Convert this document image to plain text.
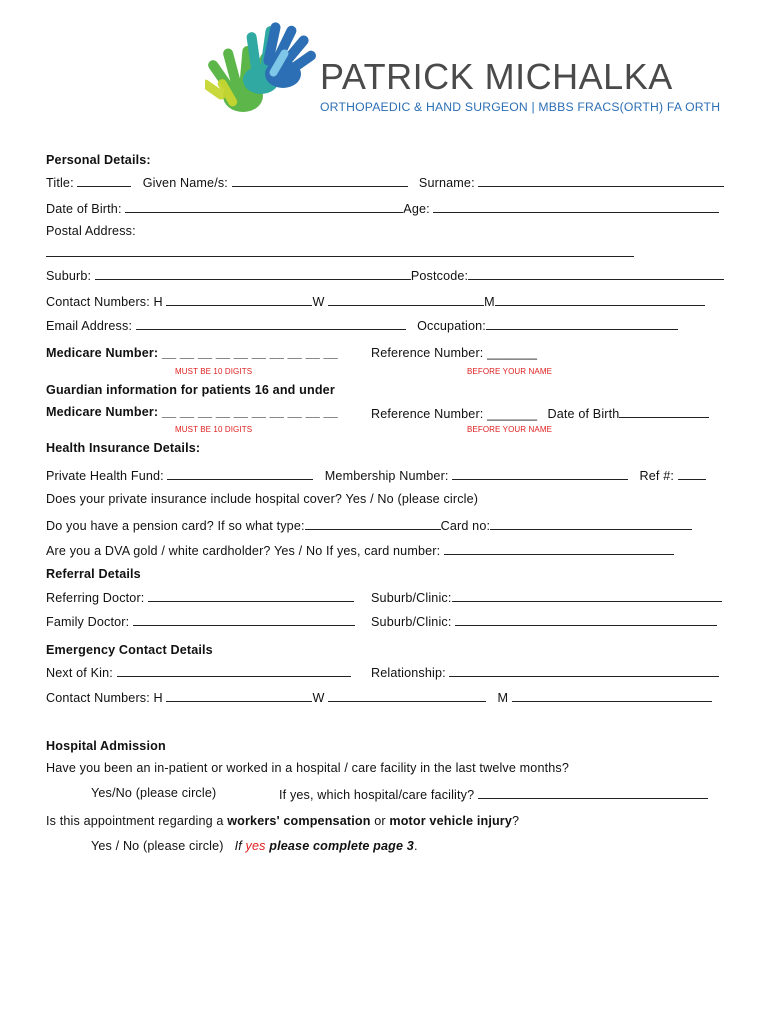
PATRICK MICHALKA
ORTHOPAEDIC & HAND SURGEON | MBBS FRACS(ORTH) FA ORTH
Personal Details:
Title:	Given Name/s:	Surname:
Date of Birth:	Age:
Postal Address:
Suburb:	Postcode:
Contact Numbers: H	W	M
Email Address:	Occupation:
Medicare Number: __ __ __ __ __ __ __ __ __ __	Reference Number: _______
MUST BE 10 DIGITS	BEFORE YOUR NAME
Guardian information for patients 16 and under
Medicare Number: __ __ __ __ __ __ __ __ __ __	Reference Number: _______ Date of Birth
MUST BE 10 DIGITS	BEFORE YOUR NAME
Health Insurance Details:
Private Health Fund:	Membership Number:	Ref #:
Does your private insurance include hospital cover? Yes / No (please circle)
Do you have a pension card? If so what type:	Card no:
Are you a DVA gold / white cardholder? Yes / No If yes, card number:
Referral Details
Referring Doctor:	Suburb/Clinic:
Family Doctor:	Suburb/Clinic:
Emergency Contact Details
Next of Kin:	Relationship:
Contact Numbers: H	W	M
Hospital Admission
Have you been an in-patient or worked in a hospital / care facility in the last twelve months?
Yes/No (please circle)	If yes, which hospital/care facility?
Is this appointment regarding a workers' compensation or motor vehicle injury?
Yes / No (please circle) If yes please complete page 3.
